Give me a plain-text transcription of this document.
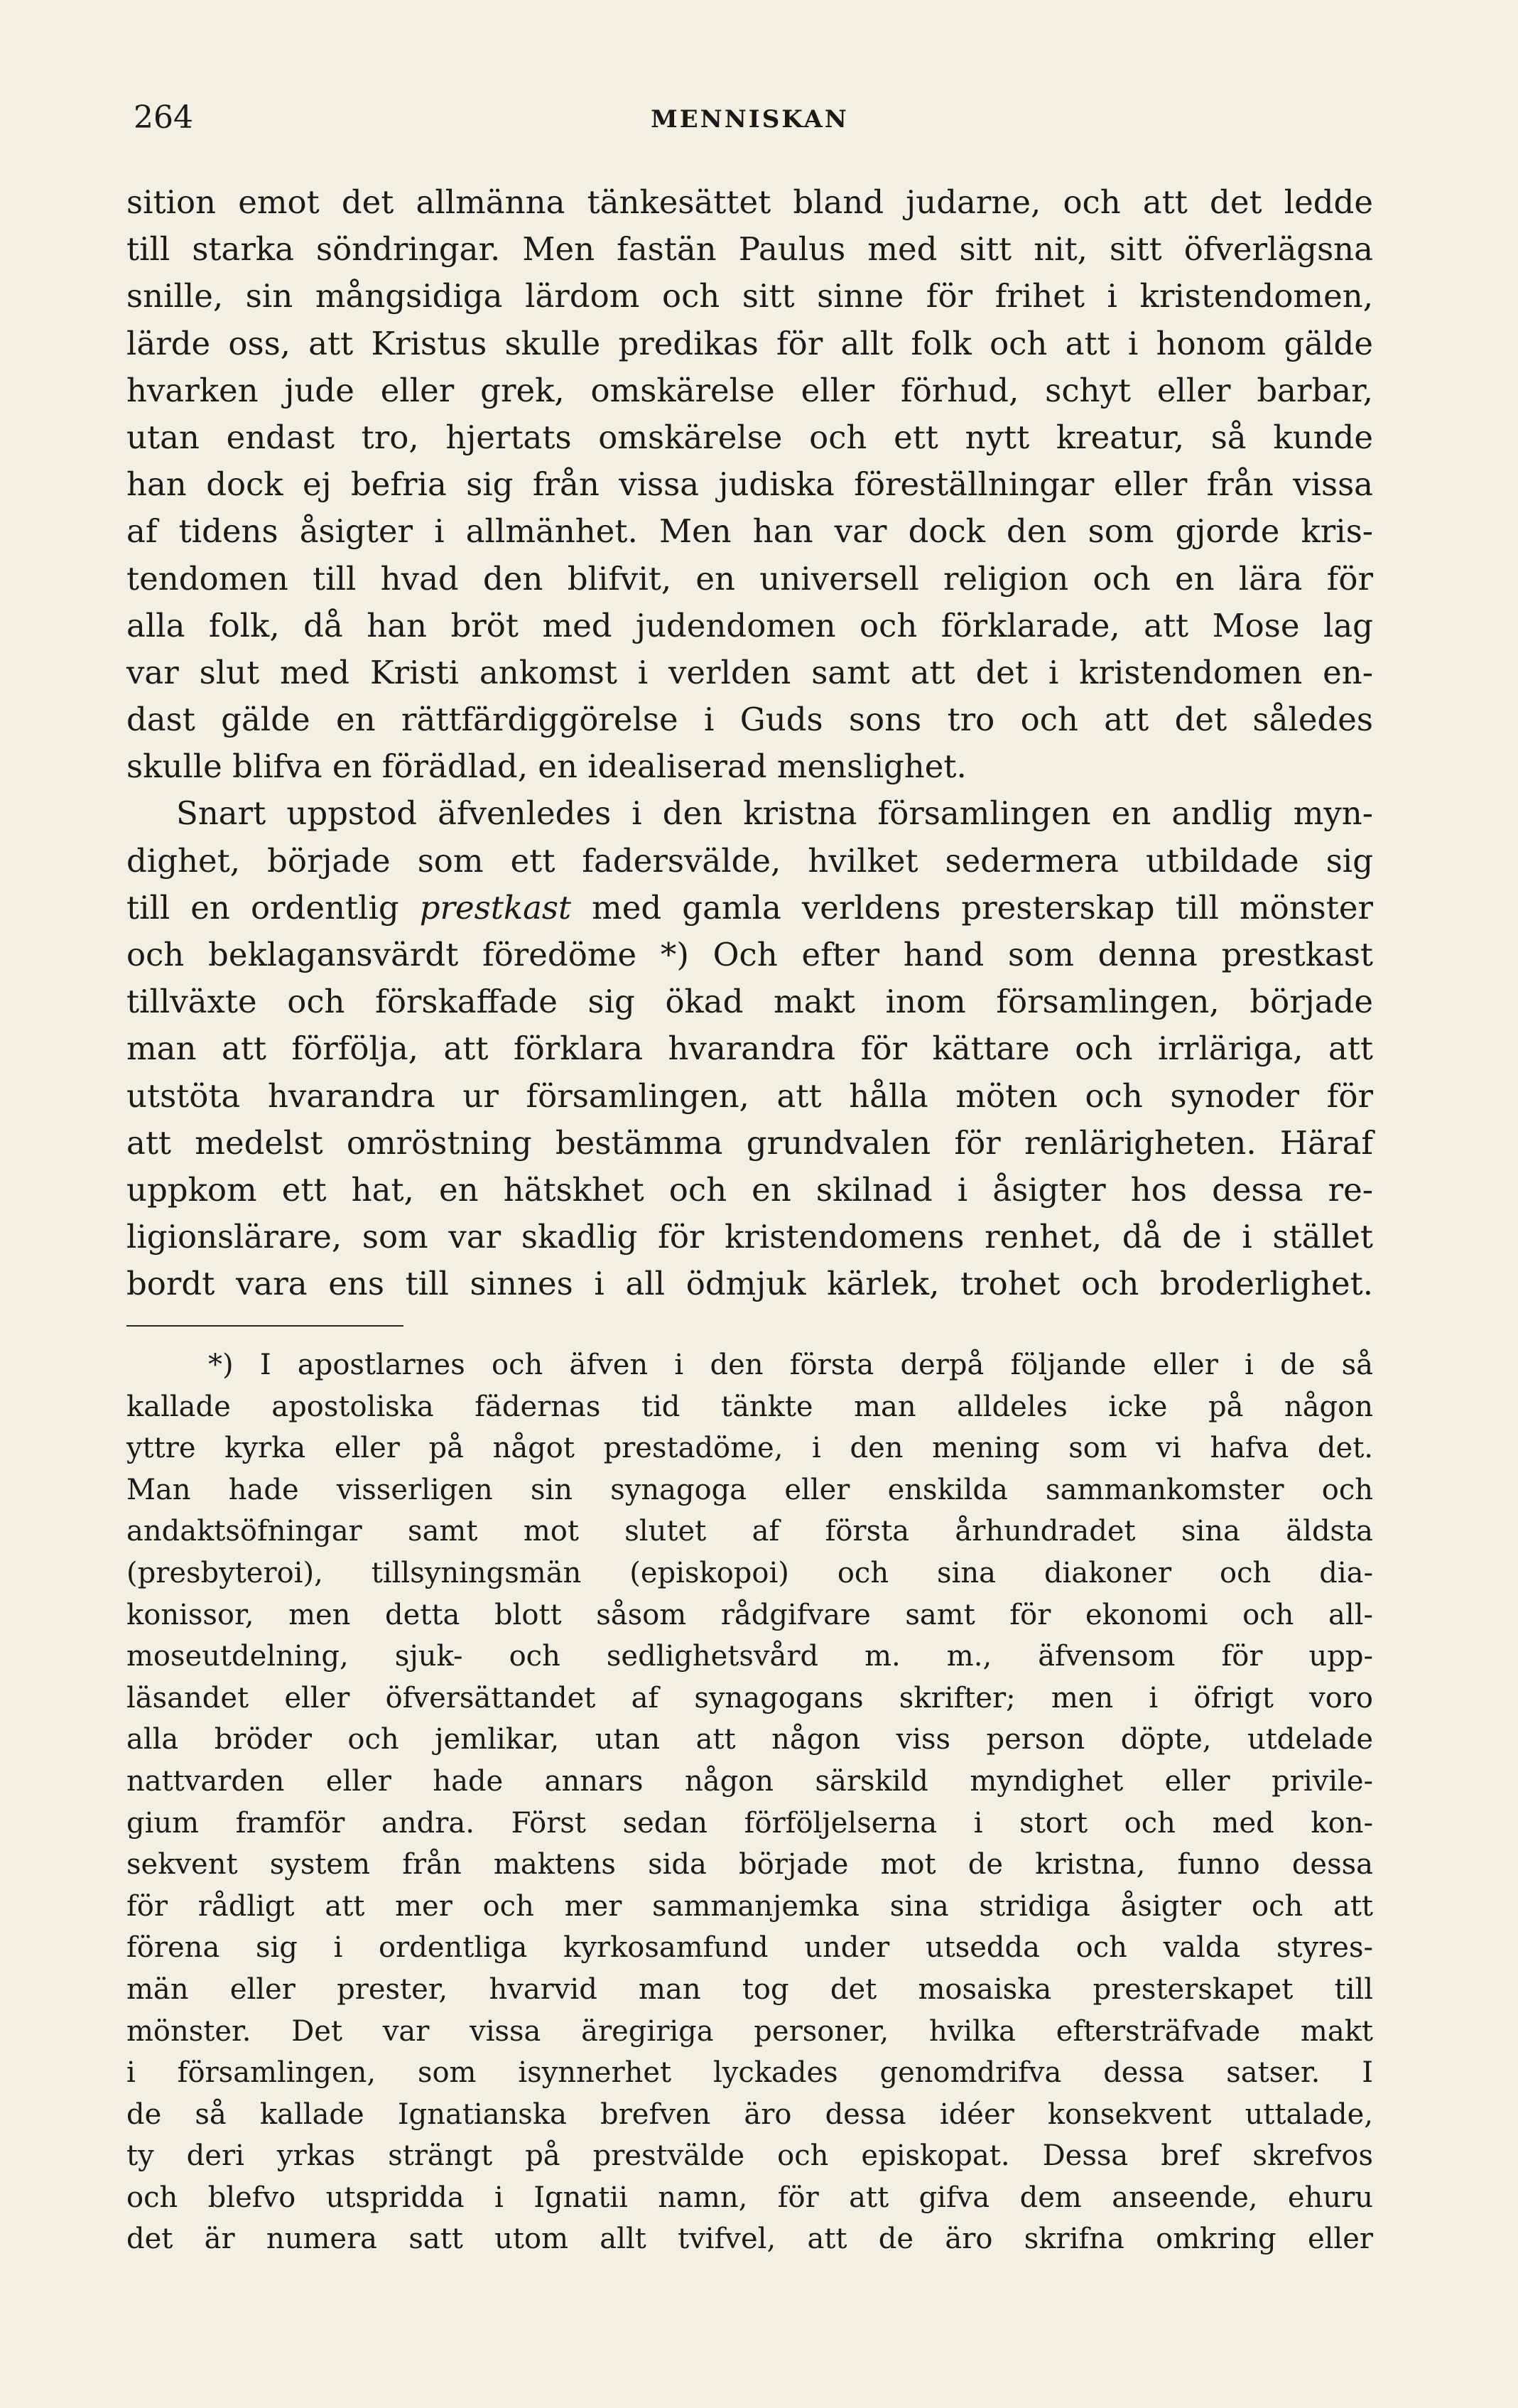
264	MENNISKAN
sition emot det allmänna tänkesättet bland judarne, och att det ledde
till starka söndringar. Men fastän Paulus med sitt nit, sitt öfverlägsna
snille, sin mångsidiga lärdom och sitt sinne för frihet i kristendomen,
lärde oss, att Kristus skulle predikas för allt folk och att i honom gälde
hvarken jude eller grek, omskärelse eller förhud, schyt eller barbar,
utan endast tro, hjertats omskärelse och ett nytt kreatur, så kunde
han dock ej befria sig från vissa judiska föreställningar eller från vissa
af tidens åsigter i allmänhet. Men han var dock den som gjorde kris-
tendomen till hvad den blifvit, en universell religion och en lära för
alla folk, då han bröt med judendomen och förklarade, att Mose lag
var slut med Kristi ankomst i verlden samt att det i kristendomen en-
dast gälde en rättfärdiggörelse i Guds sons tro och att det således
skulle blifva en förädlad, en idealiserad menslighet.
Snart uppstod äfvenledes i den kristna församlingen en andlig myn-
dighet, började som ett fadersvälde, hvilket sedermera utbildade sig
till en ordentlig prestkast med gamla verldens presterskap till mönster
och beklagansvärdt föredöme *) Och efter hand som denna prestkast
tillväxte och förskaffade sig ökad makt inom församlingen, började
man att förfölja, att förklara hvarandra för kättare och irrläriga, att
utstöta hvarandra ur församlingen, att hålla möten och synoder för
att medelst omröstning bestämma grundvalen för renlärigheten. Häraf
uppkom ett hat, en hätskhet och en skilnad i åsigter hos dessa re-
ligionslärare, som var skadlig för kristendomens renhet, då de i stället
bordt vara ens till sinnes i all ödmjuk kärlek, trohet och broderlighet.
*) I apostlarnes och äfven i den första derpå följande eller i de så
kallade apostoliska fädernas tid tänkte man alldeles icke på någon
yttre kyrka eller på något prestadöme, i den mening som vi hafva det.
Man hade visserligen sin synagoga eller enskilda sammankomster och
andaktsöfningar samt mot slutet af första århundradet sina äldsta
(presbyteroi), tillsyningsmän (episkopoi) och sina diakoner och dia-
konissor, men detta blott såsom rådgifvare samt för ekonomi och all-
moseutdelning, sjuk- och sedlighetsvård m. m., äfvensom för upp-
läsandet eller öfversättandet af synagogans skrifter; men i öfrigt voro
alla bröder och jemlikar, utan att någon viss person döpte, utdelade
nattvarden eller hade annars någon särskild myndighet eller privile-
gium framför andra. Först sedan förföljelserna i stort och med kon-
sekvent system från maktens sida började mot de kristna, funno dessa
för rådligt att mer och mer sammanjemka sina stridiga åsigter och att
förena sig i ordentliga kyrkosamfund under utsedda och valda styres-
män eller prester, hvarvid man tog det mosaiska presterskapet till
mönster. Det var vissa äregiriga personer, hvilka eftersträfvade makt
i församlingen, som isynnerhet lyckades genomdrifva dessa satser. I
de så kallade Ignatianska brefven äro dessa idéer konsekvent uttalade,
ty deri yrkas strängt på prestvälde och episkopat. Dessa bref skrefvos
och blefvo utspridda i Ignatii namn, för att gifva dem anseende, ehuru
det är numera satt utom allt tvifvel, att de äro skrifna omkring eller
